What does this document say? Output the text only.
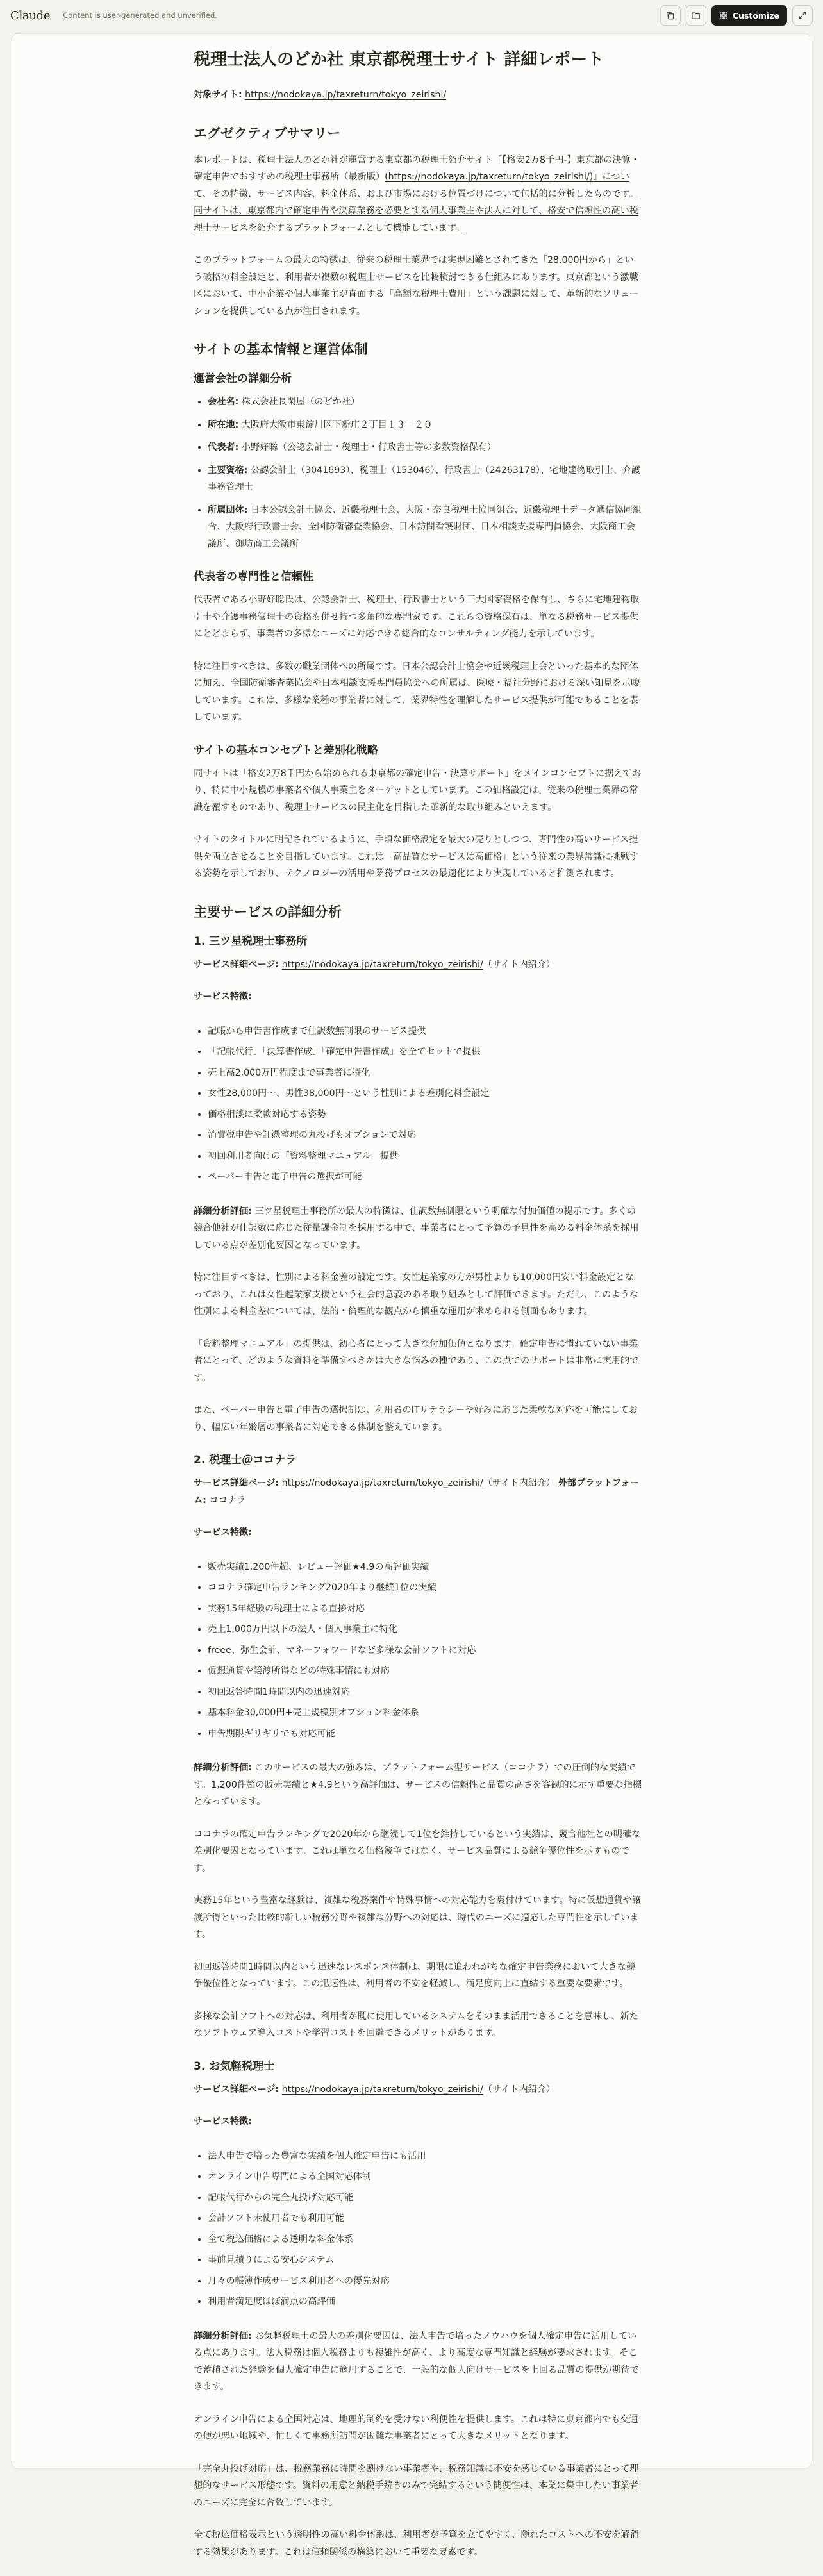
Claude Content is user-generated and unverified.	Customize
税理士法人のどか社 東京都税理士サイト 詳細レポート

対象サイト: https://nodokaya.jp/taxreturn/tokyo_zeirishi/

エグゼクティブサマリー

本レポートは、税理士法人のどか社が運営する東京都の税理士紹介サイト「【格安2万8千円-】東京都の決算・確定申告でおすすめの税理士事務所（最新版）(https://nodokaya.jp/taxreturn/tokyo_zeirishi/)」について、その特徴、サービス内容、料金体系、および市場における位置づけについて包括的に分析したものです。同サイトは、東京都内で確定申告や決算業務を必要とする個人事業主や法人に対して、格安で信頼性の高い税理士サービスを紹介するプラットフォームとして機能しています。

このプラットフォームの最大の特徴は、従来の税理士業界では実現困難とされてきた「28,000円から」という破格の料金設定と、利用者が複数の税理士サービスを比較検討できる仕組みにあります。東京都という激戦区において、中小企業や個人事業主が直面する「高額な税理士費用」という課題に対して、革新的なソリューションを提供している点が注目されます。

サイトの基本情報と運営体制
運営会社の詳細分析
• 会社名: 株式会社長閑屋（のどか社）
• 所在地: 大阪府大阪市東淀川区下新庄２丁目１３－２０
• 代表者: 小野好聡（公認会計士・税理士・行政書士等の多数資格保有）
• 主要資格: 公認会計士（3041693）、税理士（153046）、行政書士（24263178）、宅地建物取引士、介護事務管理士
• 所属団体: 日本公認会計士協会、近畿税理士会、大阪・奈良税理士協同組合、近畿税理士データ通信協同組合、大阪府行政書士会、全国防衛審査業協会、日本訪問看護財団、日本相談支援専門員協会、大阪商工会議所、御坊商工会議所
代表者の専門性と信頼性

代表者である小野好聡氏は、公認会計士、税理士、行政書士という三大国家資格を保有し、さらに宅地建物取引士や介護事務管理士の資格も併せ持つ多角的な専門家です。これらの資格保有は、単なる税務サービス提供にとどまらず、事業者の多様なニーズに対応できる総合的なコンサルティング能力を示しています。

特に注目すべきは、多数の職業団体への所属です。日本公認会計士協会や近畿税理士会といった基本的な団体に加え、全国防衛審査業協会や日本相談支援専門員協会への所属は、医療・福祉分野における深い知見を示唆しています。これは、多様な業種の事業者に対して、業界特性を理解したサービス提供が可能であることを表しています。

サイトの基本コンセプトと差別化戦略

同サイトは「格安2万8千円から始められる東京都の確定申告・決算サポート」をメインコンセプトに据えており、特に中小規模の事業者や個人事業主をターゲットとしています。この価格設定は、従来の税理士業界の常識を覆すものであり、税理士サービスの民主化を目指した革新的な取り組みといえます。

サイトのタイトルに明記されているように、手頃な価格設定を最大の売りとしつつ、専門性の高いサービス提供を両立させることを目指しています。これは「高品質なサービスは高価格」という従来の業界常識に挑戦する姿勢を示しており、テクノロジーの活用や業務プロセスの最適化により実現していると推測されます。

主要サービスの詳細分析
1. 三ツ星税理士事務所

サービス詳細ページ: https://nodokaya.jp/taxreturn/tokyo_zeirishi/（サイト内紹介）

サービス特徴:

• 記帳から申告書作成まで仕訳数無制限のサービス提供
• 「記帳代行」「決算書作成」「確定申告書作成」を全てセットで提供
• 売上高2,000万円程度まで事業者に特化
• 女性28,000円〜、男性38,000円〜という性別による差別化料金設定
• 価格相談に柔軟対応する姿勢
• 消費税申告や証憑整理の丸投げもオプションで対応
• 初回利用者向けの「資料整理マニュアル」提供
• ペーパー申告と電子申告の選択が可能

詳細分析評価: 三ツ星税理士事務所の最大の特徴は、仕訳数無制限という明確な付加価値の提示です。多くの競合他社が仕訳数に応じた従量課金制を採用する中で、事業者にとって予算の予見性を高める料金体系を採用している点が差別化要因となっています。

特に注目すべきは、性別による料金差の設定です。女性起業家の方が男性よりも10,000円安い料金設定となっており、これは女性起業家支援という社会的意義のある取り組みとして評価できます。ただし、このような性別による料金差については、法的・倫理的な観点から慎重な運用が求められる側面もあります。

「資料整理マニュアル」の提供は、初心者にとって大きな付加価値となります。確定申告に慣れていない事業者にとって、どのような資料を準備すべきかは大きな悩みの種であり、この点でのサポートは非常に実用的です。

また、ペーパー申告と電子申告の選択制は、利用者のITリテラシーや好みに応じた柔軟な対応を可能にしており、幅広い年齢層の事業者に対応できる体制を整えています。

2. 税理士＠ココナラ

サービス詳細ページ: https://nodokaya.jp/taxreturn/tokyo_zeirishi/（サイト内紹介） 外部プラットフォーム: ココナラ

サービス特徴:

• 販売実績1,200件超、レビュー評価★4.9の高評価実績
• ココナラ確定申告ランキング2020年より継続1位の実績
• 実務15年経験の税理士による直接対応
• 売上1,000万円以下の法人・個人事業主に特化
• freee、弥生会計、マネーフォワードなど多様な会計ソフトに対応
• 仮想通貨や譲渡所得などの特殊事情にも対応
• 初回返答時間1時間以内の迅速対応
• 基本料金30,000円+売上規模別オプション料金体系
• 申告期限ギリギリでも対応可能

詳細分析評価: このサービスの最大の強みは、プラットフォーム型サービス（ココナラ）での圧倒的な実績です。1,200件超の販売実績と★4.9という高評価は、サービスの信頼性と品質の高さを客観的に示す重要な指標となっています。

ココナラの確定申告ランキングで2020年から継続して1位を維持しているという実績は、競合他社との明確な差別化要因となっています。これは単なる価格競争ではなく、サービス品質による競争優位性を示すものです。

実務15年という豊富な経験は、複雑な税務案件や特殊事情への対応能力を裏付けています。特に仮想通貨や譲渡所得といった比較的新しい税務分野や複雑な分野への対応は、時代のニーズに適応した専門性を示しています。

初回返答時間1時間以内という迅速なレスポンス体制は、期限に追われがちな確定申告業務において大きな競争優位性となっています。この迅速性は、利用者の不安を軽減し、満足度向上に直結する重要な要素です。

多様な会計ソフトへの対応は、利用者が既に使用しているシステムをそのまま活用できることを意味し、新たなソフトウェア導入コストや学習コストを回避できるメリットがあります。

3. お気軽税理士

サービス詳細ページ: https://nodokaya.jp/taxreturn/tokyo_zeirishi/（サイト内紹介）

サービス特徴:

• 法人申告で培った豊富な実績を個人確定申告にも活用
• オンライン申告専門による全国対応体制
• 記帳代行からの完全丸投げ対応可能
• 会計ソフト未使用者でも利用可能
• 全て税込価格による透明な料金体系
• 事前見積りによる安心システム
• 月々の帳簿作成サービス利用者への優先対応
• 利用者満足度ほぼ満点の高評価

詳細分析評価: お気軽税理士の最大の差別化要因は、法人申告で培ったノウハウを個人確定申告に活用している点にあります。法人税務は個人税務よりも複雑性が高く、より高度な専門知識と経験が要求されます。そこで蓄積された経験を個人確定申告に適用することで、一般的な個人向けサービスを上回る品質の提供が期待できます。

オンライン申告による全国対応は、地理的制約を受けない利便性を提供します。これは特に東京都内でも交通の便が悪い地域や、忙しくて事務所訪問が困難な事業者にとって大きなメリットとなります。

「完全丸投げ対応」は、税務業務に時間を割けない事業者や、税務知識に不安を感じている事業者にとって理想的なサービス形態です。資料の用意と納税手続きのみで完結するという簡便性は、本業に集中したい事業者のニーズに完全に合致しています。

全て税込価格表示という透明性の高い料金体系は、利用者が予算を立てやすく、隠れたコストへの不安を解消する効果があります。これは信頼関係の構築において重要な要素です。
